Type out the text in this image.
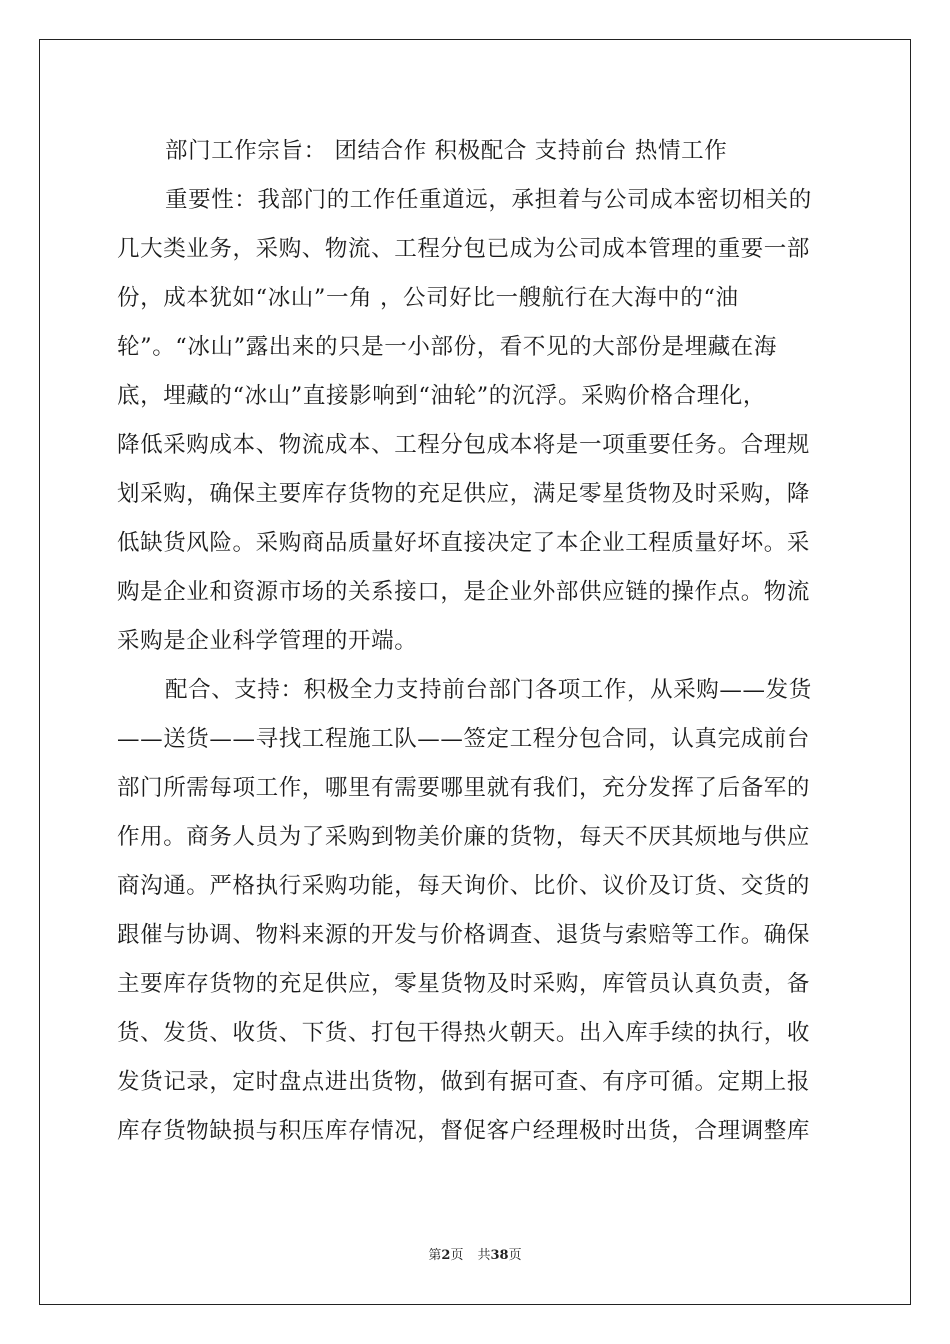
部门工作宗旨： 团结合作 积极配合 支持前台 热情工作
重要性：我部门的工作任重道远，承担着与公司成本密切相关的
几大类业务，采购、物流、工程分包已成为公司成本管理的重要一部
份，成本犹如“冰山”一角 ，公司好比一艘航行在大海中的“油
轮”。“冰山”露出来的只是一小部份，看不见的大部份是埋藏在海
底，埋藏的“冰山”直接影响到“油轮”的沉浮。采购价格合理化，
降低采购成本、物流成本、工程分包成本将是一项重要任务。合理规
划采购，确保主要库存货物的充足供应，满足零星货物及时采购，降
低缺货风险。采购商品质量好坏直接决定了本企业工程质量好坏。采
购是企业和资源市场的关系接口，是企业外部供应链的操作点。物流
采购是企业科学管理的开端。
配合、支持：积极全力支持前台部门各项工作，从采购——发货
——送货——寻找工程施工队——签定工程分包合同，认真完成前台
部门所需每项工作，哪里有需要哪里就有我们，充分发挥了后备军的
作用。商务人员为了采购到物美价廉的货物，每天不厌其烦地与供应
商沟通。严格执行采购功能，每天询价、比价、议价及订货、交货的
跟催与协调、物料来源的开发与价格调查、退货与索赔等工作。确保
主要库存货物的充足供应，零星货物及时采购，库管员认真负责，备
货、发货、收货、下货、打包干得热火朝天。出入库手续的执行，收
发货记录，定时盘点进出货物，做到有据可查、有序可循。定期上报
库存货物缺损与积压库存情况，督促客户经理极时出货，合理调整库
第2页 共38页
